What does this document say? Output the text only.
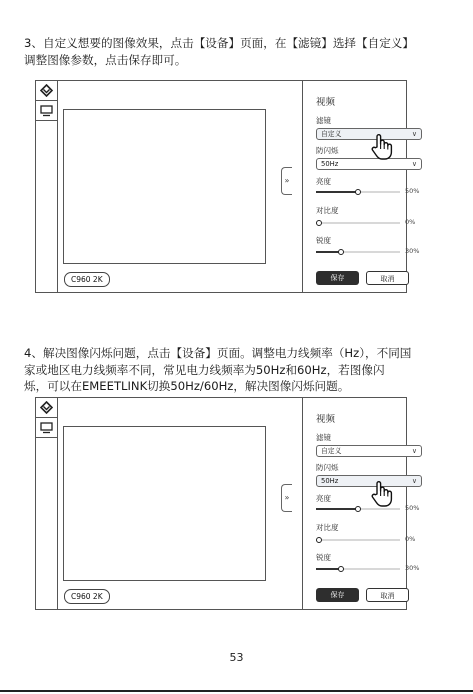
3、自定义想要的图像效果，点击【设备】页面，在【滤镜】选择【自定义】
调整图像参数，点击保存即可。
C960 2K
»
视频
滤镜
自定义	∨
防闪烁
50Hz	∨
亮度
50%
对比度
0%
锐度
30%
保存	取消
4、解决图像闪烁问题，点击【设备】页面。调整电力线频率（Hz），不同国
家或地区电力线频率不同，常见电力线频率为50Hz和60Hz，若图像闪
烁，可以在EMEETLINK切换50Hz/60Hz，解决图像闪烁问题。
C960 2K
»
视频
滤镜
自定义	∨
防闪烁
50Hz	∨
亮度
50%
对比度
0%
锐度
30%
保存	取消
53
